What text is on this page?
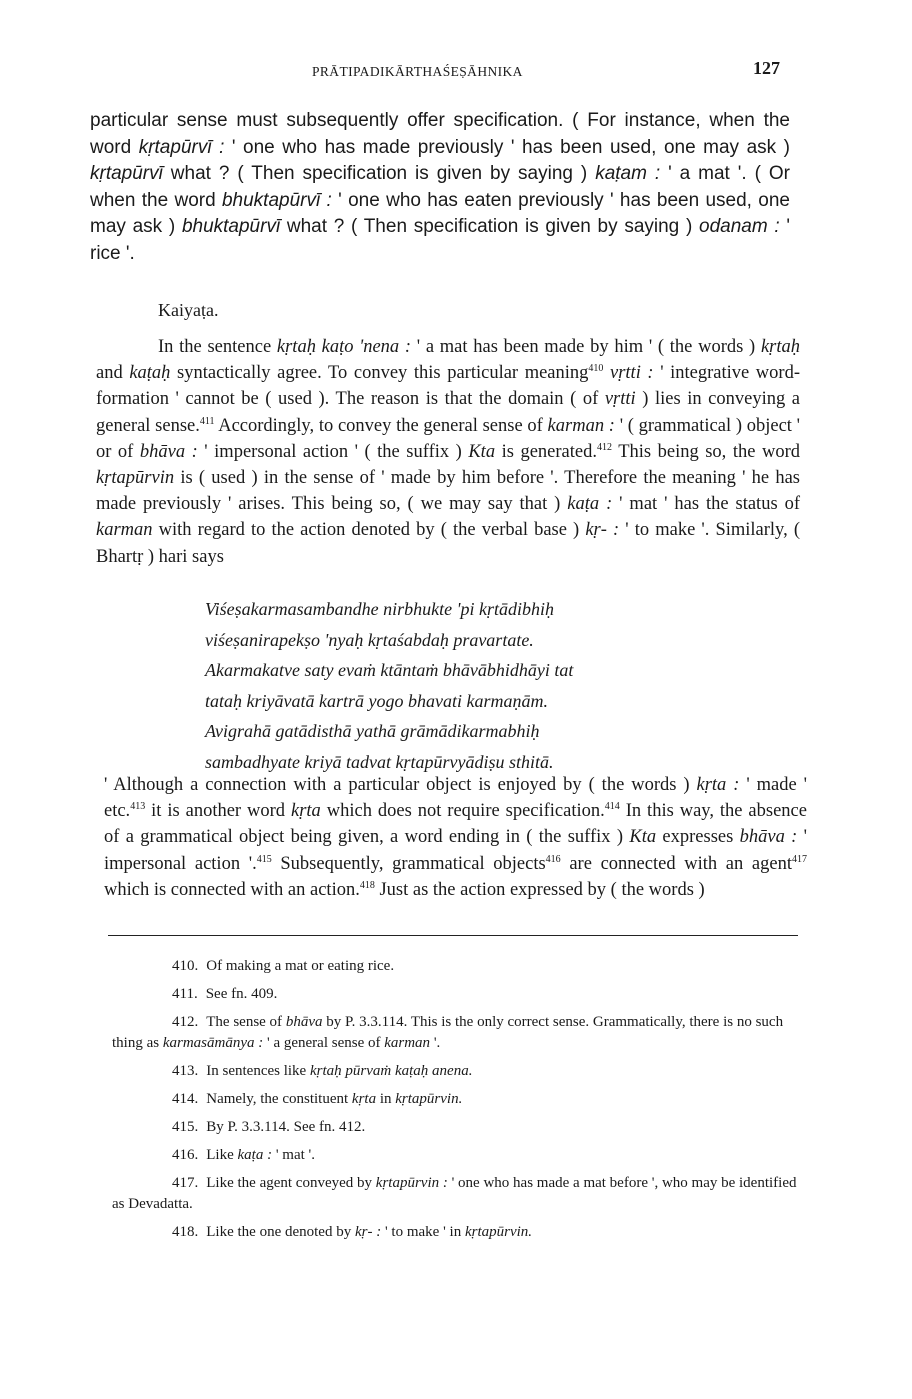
PRĀTIPADIKĀRTHAŚEṢĀHNIKA	127
particular sense must subsequently offer specification. ( For instance, when the word kṛtapūrvī : ' one who has made previously ' has been used, one may ask ) kṛtapūrvī what ? ( Then specification is given by saying ) kaṭam : ' a mat '. ( Or when the word bhuktapūrvī : ' one who has eaten previously ' has been used, one may ask ) bhuktapūrvī what ? ( Then specification is given by saying ) odanam : ' rice '.
Kaiyaṭa.

In the sentence kṛtaḥ kaṭo 'nena : ' a mat has been made by him ' ( the words ) kṛtaḥ and kaṭaḥ syntactically agree. To convey this particular meaning$^{410}$ vṛtti : ' integrative word-formation ' cannot be ( used ). The reason is that the domain ( of vṛtti ) lies in conveying a general sense.$^{411}$ Accordingly, to convey the general sense of karman : ' ( grammatical ) object ' or of bhāva : ' impersonal action ' ( the suffix ) Kta is generated.$^{412}$ This being so, the word kṛtapūrvin is ( used ) in the sense of ' made by him before '. Therefore the meaning ' he has made previously ' arises. This being so, ( we may say that ) kaṭa : ' mat ' has the status of karman with regard to the action denoted by ( the verbal base ) kṛ- : ' to make '. Similarly, ( Bhartṛ ) hari says

Viśeṣakarmasambandhe nirbhukte 'pi kṛtādibhiḥ
viśeṣanirapekṣo 'nyaḥ kṛtaśabdaḥ pravartate.
Akarmakatve saty evaṁ ktāntaṁ bhāvābhidhāyi tat
tataḥ kriyāvatā kartrā yogo bhavati karmaṇām.
Avigrahā gatādisthā yathā grāmādikarmabhiḥ
sambadhyate kriyā tadvat kṛtapūrvyādiṣu sthitā.
' Although a connection with a particular object is enjoyed by ( the words ) kṛta : ' made ' etc.$^{413}$ it is another word kṛta which does not require specification.$^{414}$ In this way, the absence of a grammatical object being given, a word ending in ( the suffix ) Kta expresses bhāva : ' impersonal action '.$^{415}$ Subsequently, grammatical objects$^{416}$ are connected with an agent$^{417}$ which is connected with an action.$^{418}$ Just as the action expressed by ( the words )

410. Of making a mat or eating rice.

411. See fn. 409.

412. The sense of bhāva by P. 3.3.114. This is the only correct sense. Grammatically, there is no such thing as karmasāmānya : ' a general sense of karman '.

413. In sentences like kṛtaḥ pūrvaṁ kaṭaḥ anena.

414. Namely, the constituent kṛta in kṛtapūrvin.

415. By P. 3.3.114. See fn. 412.

416. Like kaṭa : ' mat '.

417. Like the agent conveyed by kṛtapūrvin : ' one who has made a mat before ', who may be identified as Devadatta.

418. Like the one denoted by kṛ- : ' to make ' in kṛtapūrvin.
